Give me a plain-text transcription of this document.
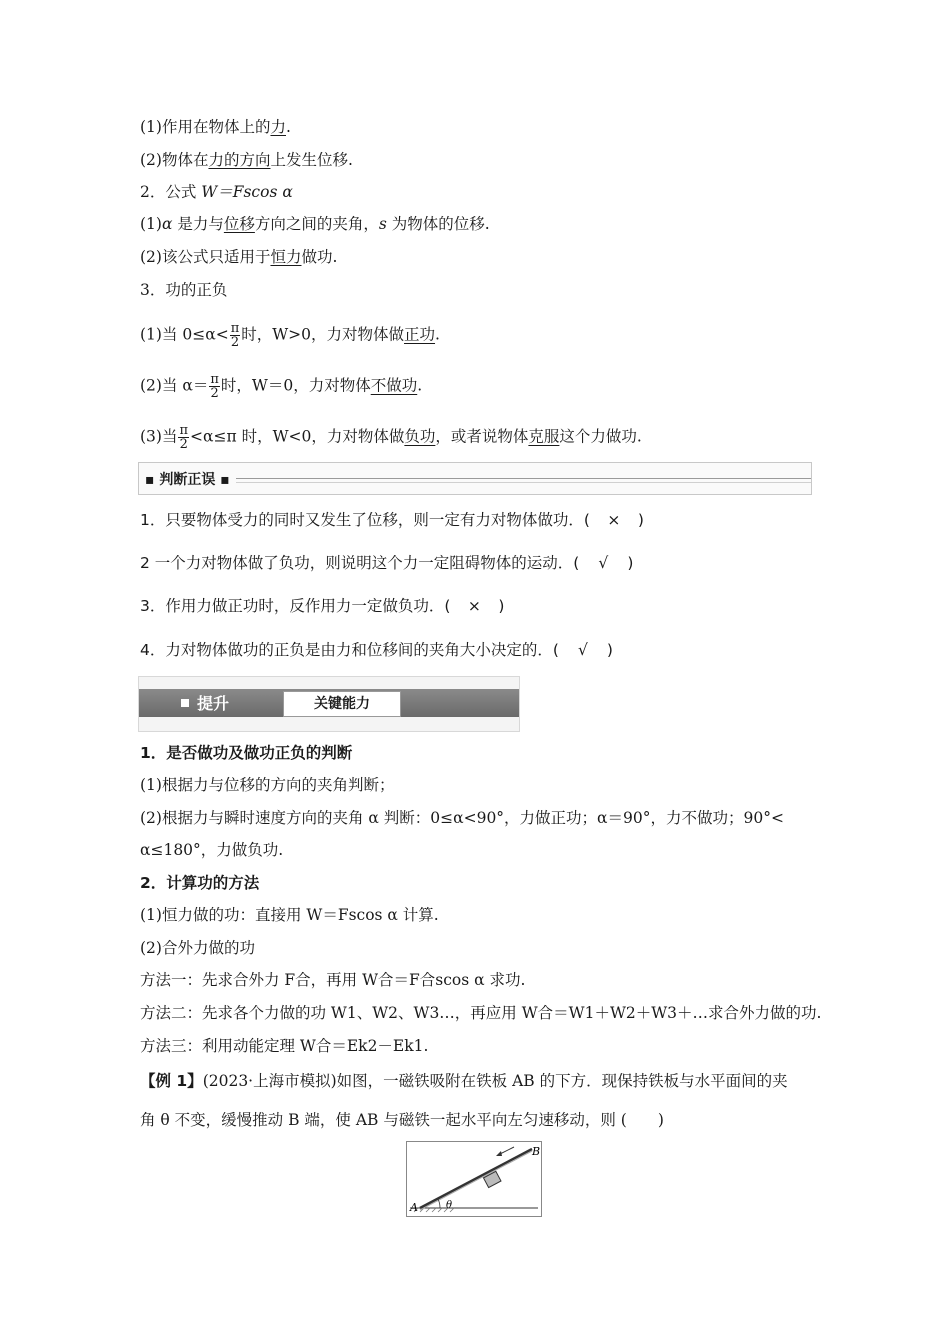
(1)作用在物体上的力.
(2)物体在力的方向上发生位移.
2．公式 W＝Fscos α
(1)α 是力与位移方向之间的夹角，s 为物体的位移.
(2)该公式只适用于恒力做功.
3．功的正负
(1)当 $0\le\alpha< \frac{\pi}{2}$ 时，W>0，力对物体做正功.
(2)当 $\alpha= \frac{\pi}{2}$ 时，W＝0，力对物体不做功.
(3)当 $\frac{\pi}{2} <\alpha\le\pi$ 时，W<0，力对物体做负功，或者说物体克服这个力做功.
▪ 判断正误 ▪
1．只要物体受力的同时又发生了位移，则一定有力对物体做功．( × )
2 一个力对物体做了负功，则说明这个力一定阻碍物体的运动．( √ )
3．作用力做正功时，反作用力一定做负功．( × )
4．力对物体做功的正负是由力和位移间的夹角大小决定的．( √ )
提升	关键能力
1．是否做功及做功正负的判断
(1)根据力与位移的方向的夹角判断；
(2)根据力与瞬时速度方向的夹角 α 判断：0≤α<90°，力做正功；α＝90°，力不做功；90°<
α≤180°，力做负功.
2．计算功的方法
(1)恒力做的功：直接用 W＝Fscos α 计算.
(2)合外力做的功
方法一：先求合外力 F合，再用 W合＝F合scos α 求功.
方法二：先求各个力做的功 W1、W2、W3…，再应用 W合＝W1＋W2＋W3＋…求合外力做的功.
方法三：利用动能定理 W合＝Ek2－Ek1.
【例 1】(2023·上海市模拟)如图，一磁铁吸附在铁板 AB 的下方．现保持铁板与水平面间的夹
角 θ 不变，缓慢推动 B 端，使 AB 与磁铁一起水平向左匀速移动，则 (　　)
A
B
θ
